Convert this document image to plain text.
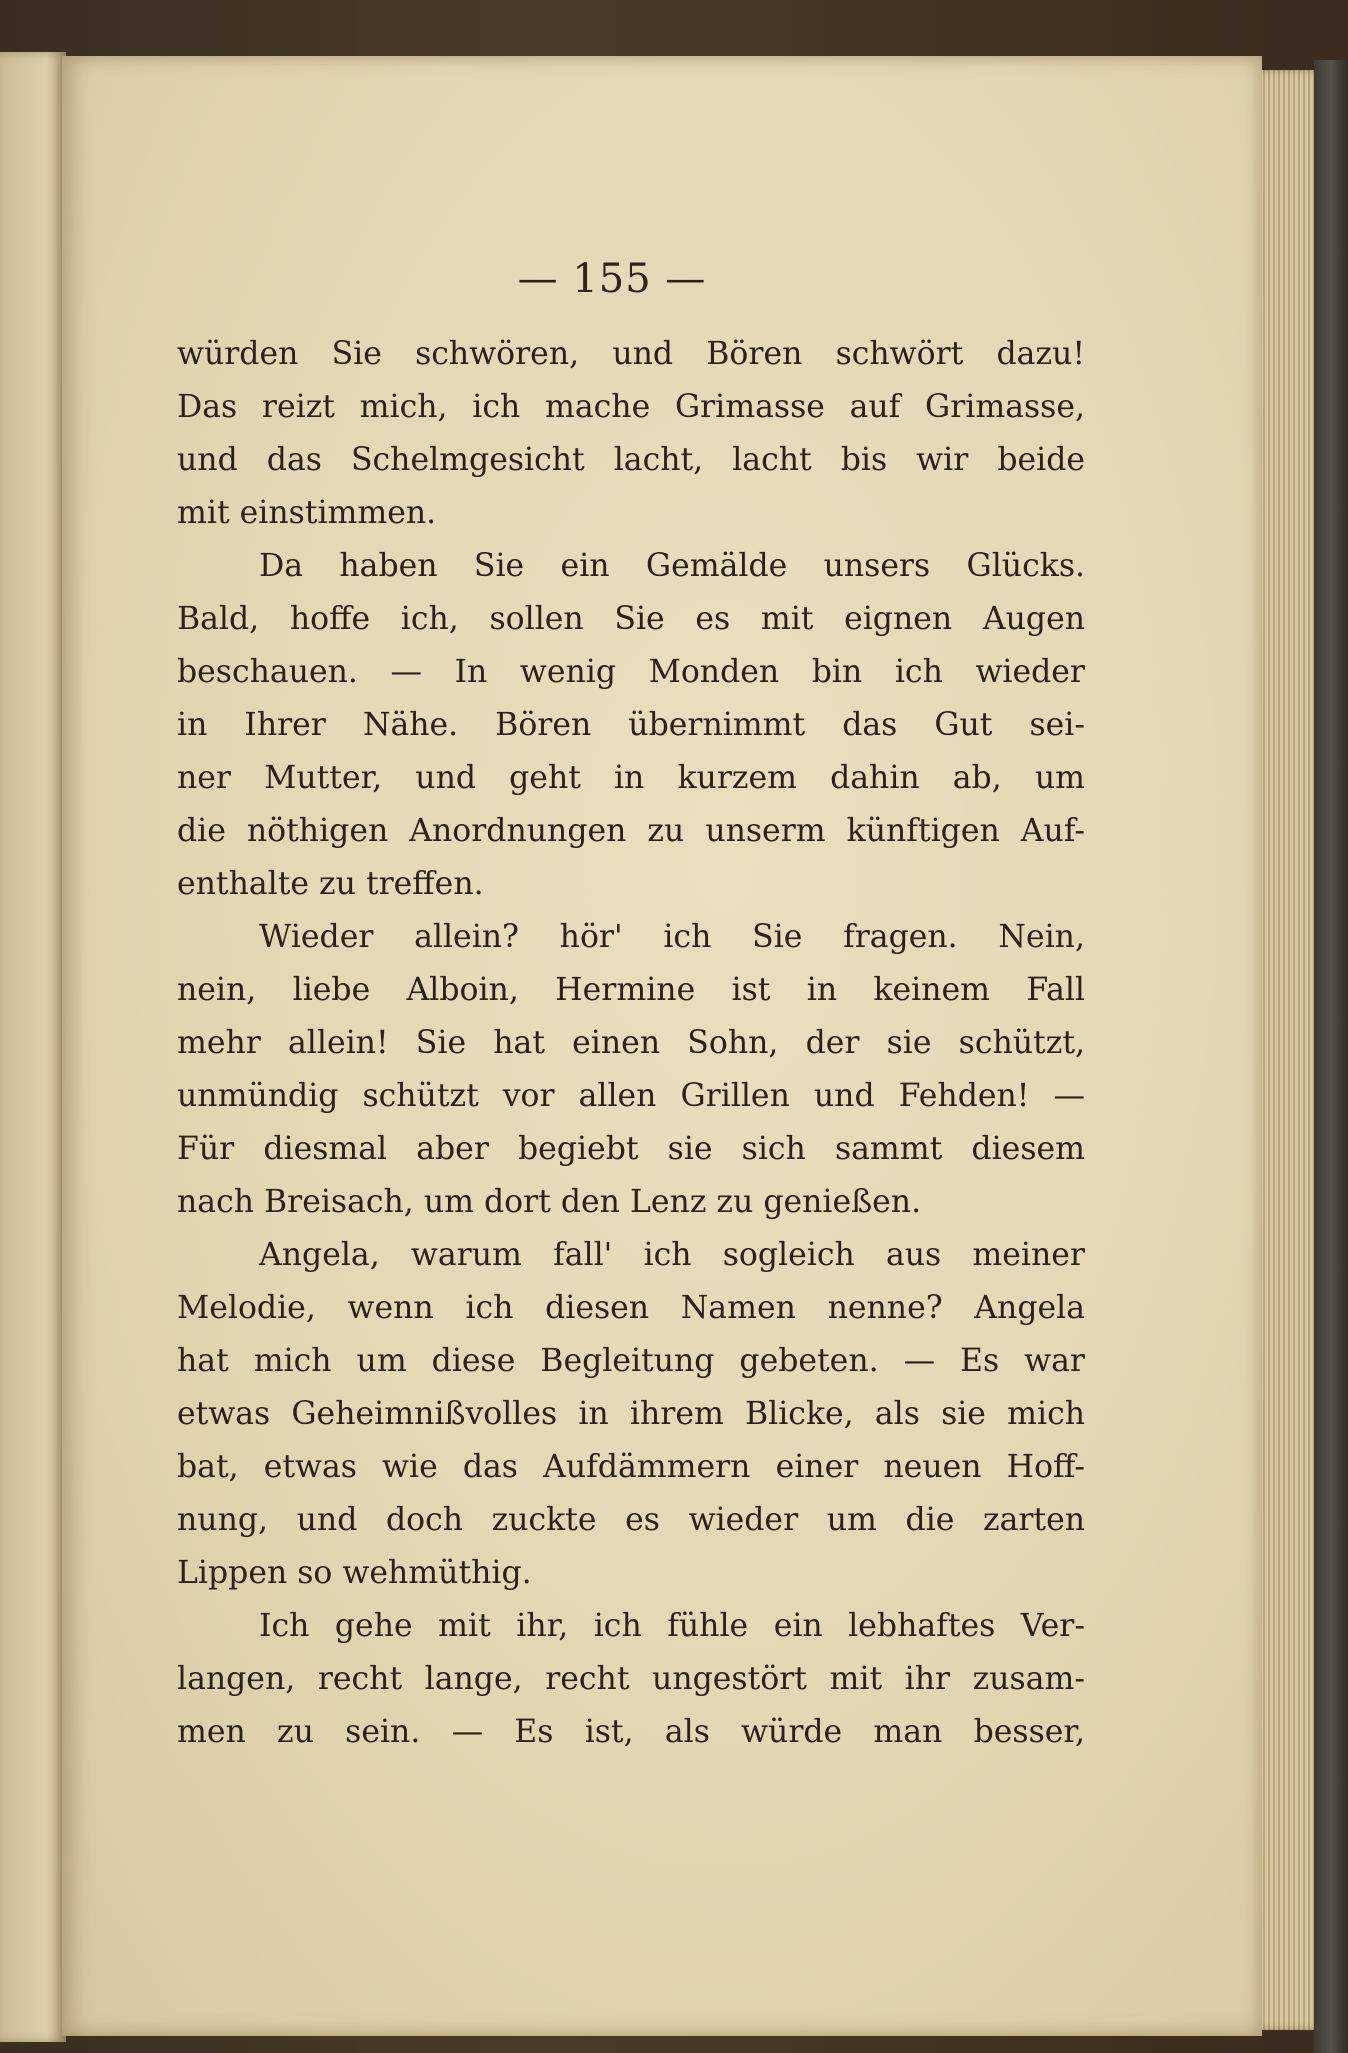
— 155 —
würden Sie schwören, und Bören schwört dazu!
Das reizt mich, ich mache Grimasse auf Grimasse,
und das Schelmgesicht lacht, lacht bis wir beide
mit einstimmen.
Da haben Sie ein Gemälde unsers Glücks.
Bald, hoffe ich, sollen Sie es mit eignen Augen
beschauen. — In wenig Monden bin ich wieder
in Ihrer Nähe. Bören übernimmt das Gut sei-
ner Mutter, und geht in kurzem dahin ab, um
die nöthigen Anordnungen zu unserm künftigen Auf-
enthalte zu treffen.
Wieder allein? hör' ich Sie fragen. Nein,
nein, liebe Alboin, Hermine ist in keinem Fall
mehr allein! Sie hat einen Sohn, der sie schützt,
unmündig schützt vor allen Grillen und Fehden! —
Für diesmal aber begiebt sie sich sammt diesem
nach Breisach, um dort den Lenz zu genießen.
Angela, warum fall' ich sogleich aus meiner
Melodie, wenn ich diesen Namen nenne? Angela
hat mich um diese Begleitung gebeten. — Es war
etwas Geheimnißvolles in ihrem Blicke, als sie mich
bat, etwas wie das Aufdämmern einer neuen Hoff-
nung, und doch zuckte es wieder um die zarten
Lippen so wehmüthig.
Ich gehe mit ihr, ich fühle ein lebhaftes Ver-
langen, recht lange, recht ungestört mit ihr zusam-
men zu sein. — Es ist, als würde man besser,
